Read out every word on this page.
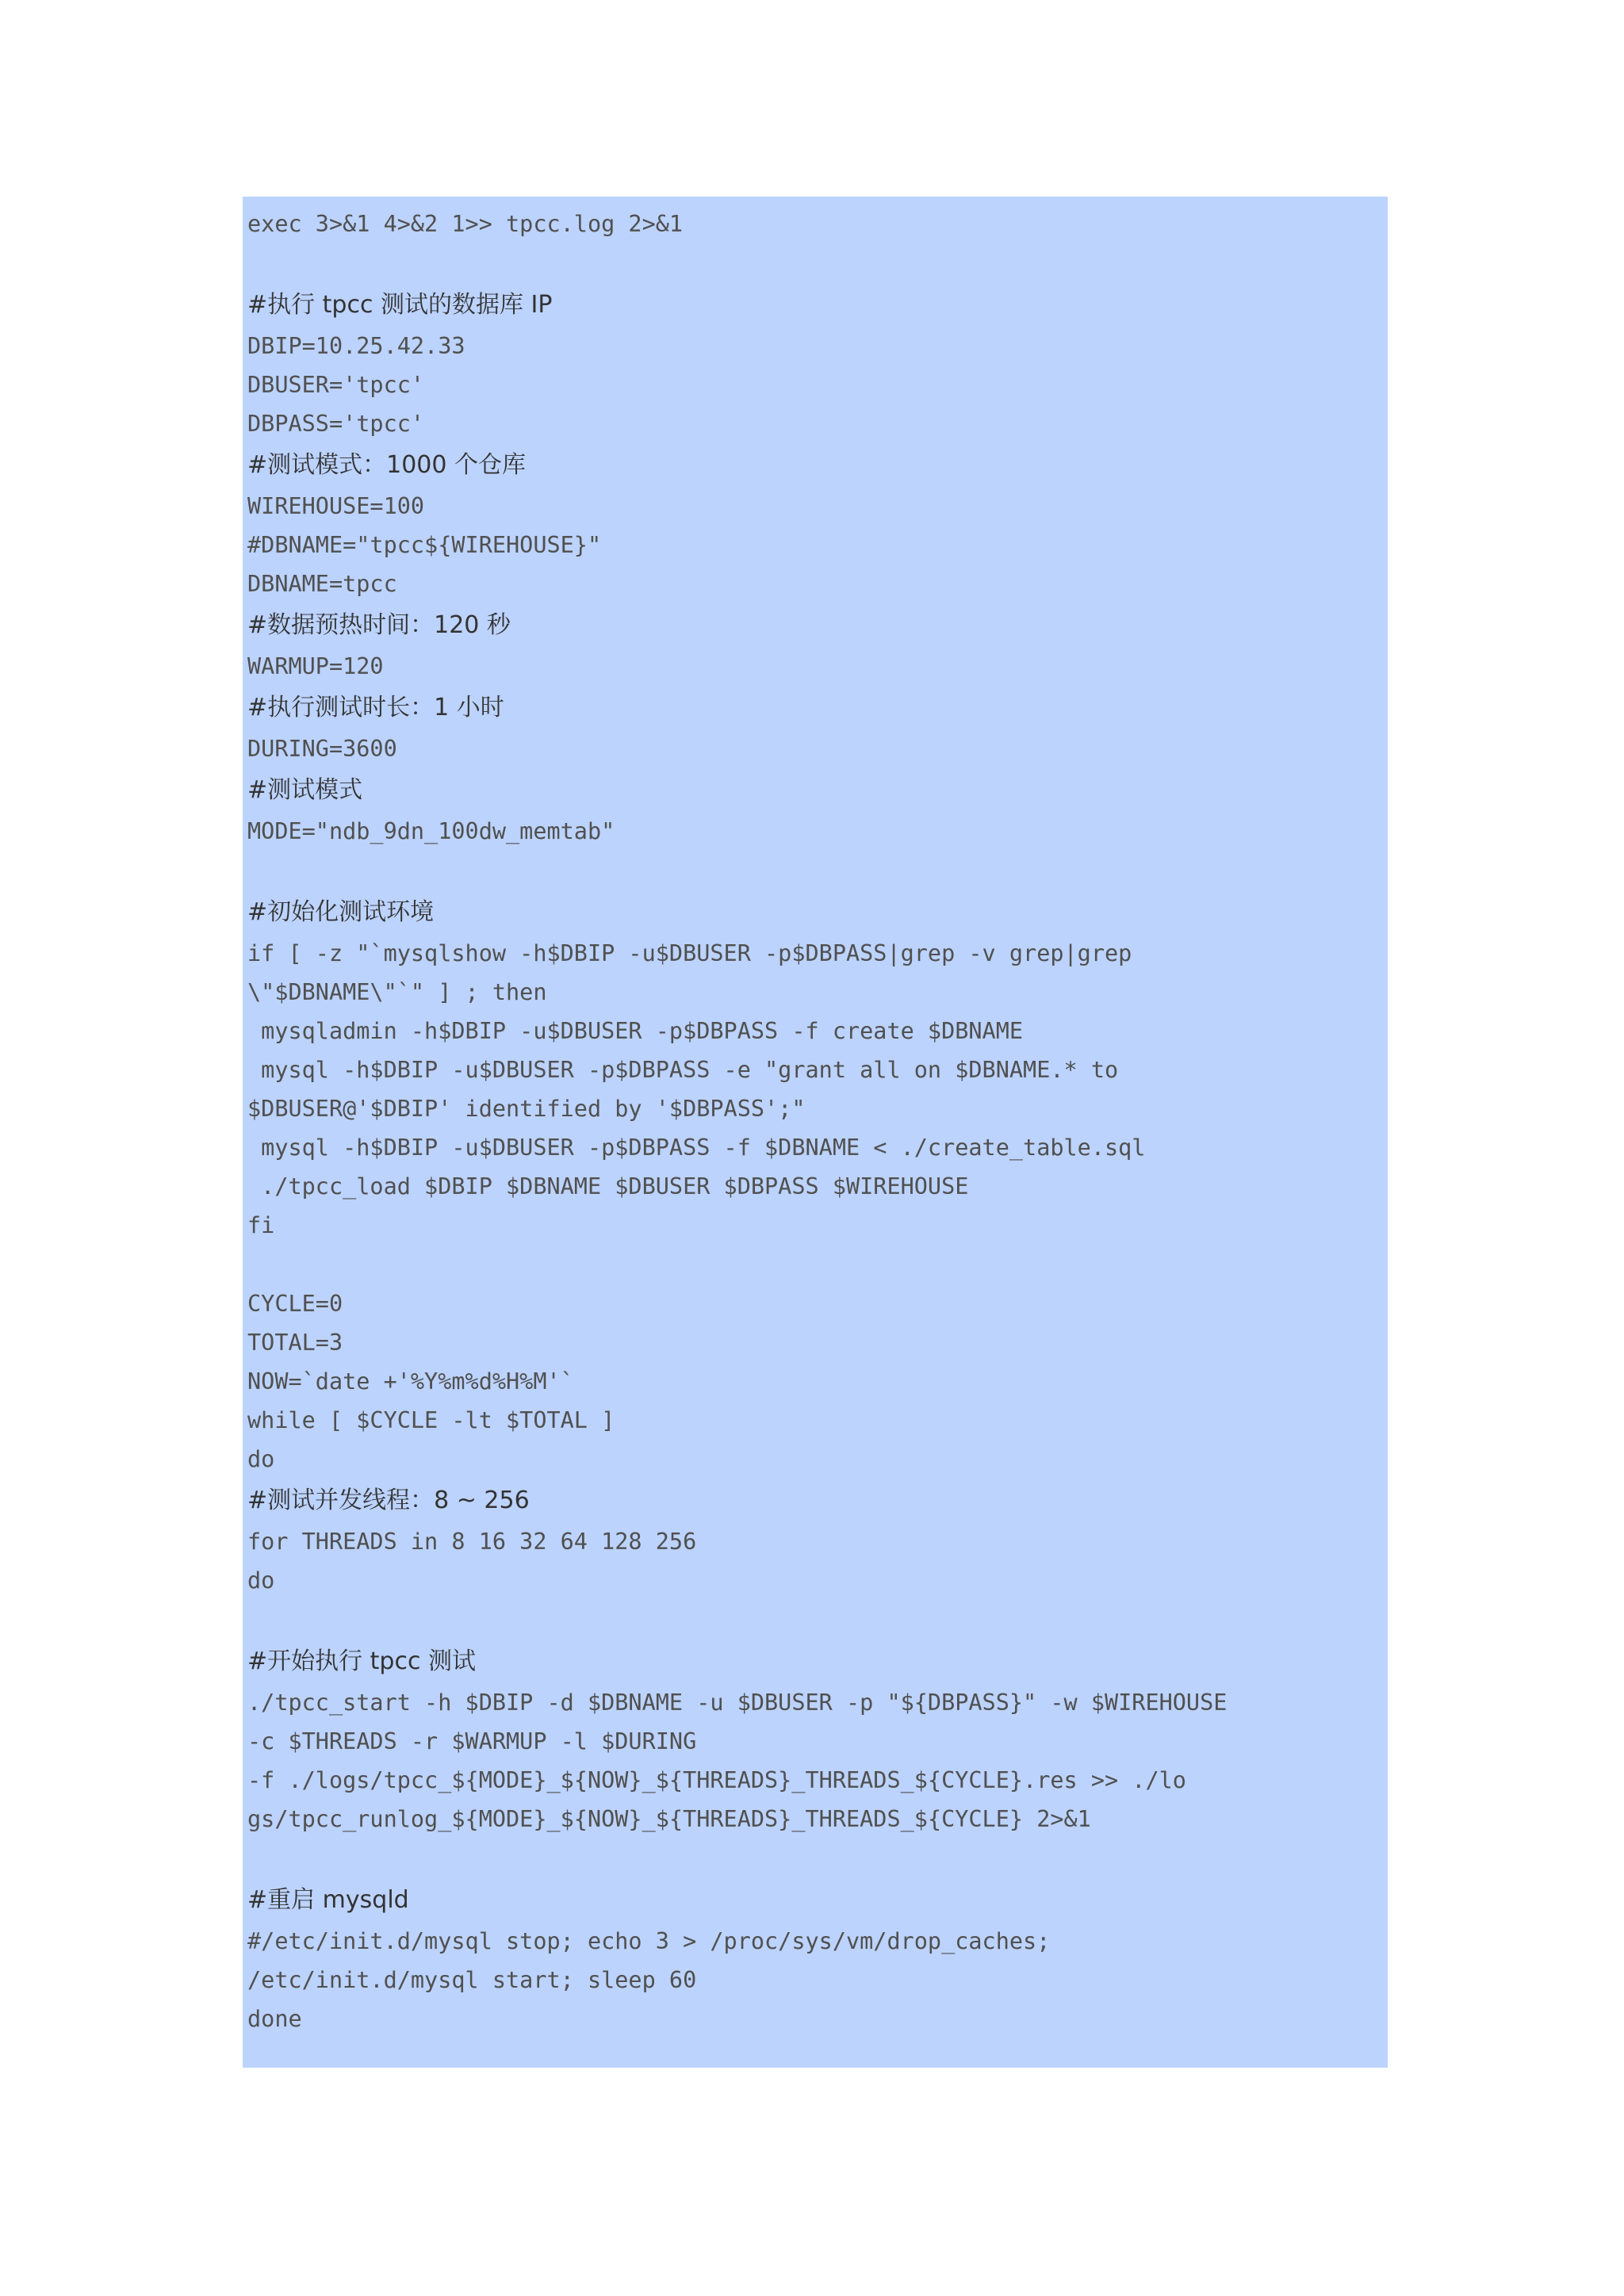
exec 3>&1 4>&2 1>> tpcc.log 2>&1
#执行 tpcc 测试的数据库 IP
DBIP=10.25.42.33
DBUSER='tpcc'
DBPASS='tpcc'
#测试模式：1000 个仓库
WIREHOUSE=100
#DBNAME="tpcc${WIREHOUSE}"
DBNAME=tpcc
#数据预热时间：120 秒
WARMUP=120
#执行测试时长：1 小时
DURING=3600
#测试模式
MODE="ndb_9dn_100dw_memtab"
#初始化测试环境
if [ -z "`mysqlshow -h$DBIP -u$DBUSER -p$DBPASS|grep -v grep|grep
\"$DBNAME\"`" ] ; then
mysqladmin -h$DBIP -u$DBUSER -p$DBPASS -f create $DBNAME
mysql -h$DBIP -u$DBUSER -p$DBPASS -e "grant all on $DBNAME.* to
$DBUSER@'$DBIP' identified by '$DBPASS';"
mysql -h$DBIP -u$DBUSER -p$DBPASS -f $DBNAME < ./create_table.sql
./tpcc_load $DBIP $DBNAME $DBUSER $DBPASS $WIREHOUSE
fi
CYCLE=0
TOTAL=3
NOW=`date +'%Y%m%d%H%M'`
while [ $CYCLE -lt $TOTAL ]
do
#测试并发线程：8 ~ 256
for THREADS in 8 16 32 64 128 256
do
#开始执行 tpcc 测试
./tpcc_start -h $DBIP -d $DBNAME -u $DBUSER -p "${DBPASS}" -w $WIREHOUSE
-c $THREADS -r $WARMUP -l $DURING
-f ./logs/tpcc_${MODE}_${NOW}_${THREADS}_THREADS_${CYCLE}.res >> ./lo
gs/tpcc_runlog_${MODE}_${NOW}_${THREADS}_THREADS_${CYCLE} 2>&1
#重启 mysqld
#/etc/init.d/mysql stop; echo 3 > /proc/sys/vm/drop_caches;
/etc/init.d/mysql start; sleep 60
done
